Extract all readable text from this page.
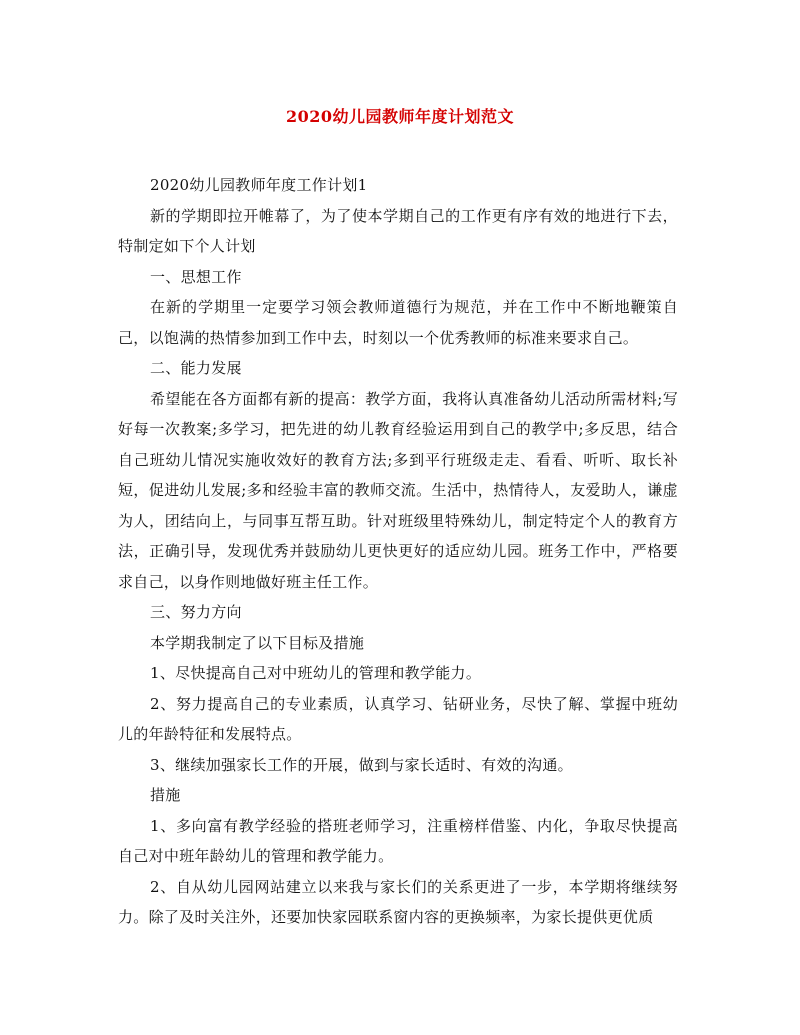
2020幼儿园教师年度计划范文

2020幼儿园教师年度工作计划1

新的学期即拉开帷幕了，为了使本学期自己的工作更有序有效的地进行下去，特制定如下个人计划

一、思想工作

在新的学期里一定要学习领会教师道德行为规范，并在工作中不断地鞭策自己，以饱满的热情参加到工作中去，时刻以一个优秀教师的标准来要求自己。

二、能力发展

希望能在各方面都有新的提高：教学方面，我将认真准备幼儿活动所需材料;写好每一次教案;多学习，把先进的幼儿教育经验运用到自己的教学中;多反思，结合自己班幼儿情况实施收效好的教育方法;多到平行班级走走、看看、听听、取长补短，促进幼儿发展;多和经验丰富的教师交流。生活中，热情待人，友爱助人，谦虚为人，团结向上，与同事互帮互助。针对班级里特殊幼儿，制定特定个人的教育方法，正确引导，发现优秀并鼓励幼儿更快更好的适应幼儿园。班务工作中，严格要求自己，以身作则地做好班主任工作。

三、努力方向

本学期我制定了以下目标及措施

1、尽快提高自己对中班幼儿的管理和教学能力。

2、努力提高自己的专业素质，认真学习、钻研业务，尽快了解、掌握中班幼儿的年龄特征和发展特点。

3、继续加强家长工作的开展，做到与家长适时、有效的沟通。

措施

1、多向富有教学经验的搭班老师学习，注重榜样借鉴、内化，争取尽快提高自己对中班年龄幼儿的管理和教学能力。

2、自从幼儿园网站建立以来我与家长们的关系更进了一步，本学期将继续努力。除了及时关注外，还要加快家园联系窗内容的更换频率，为家长提供更优质
